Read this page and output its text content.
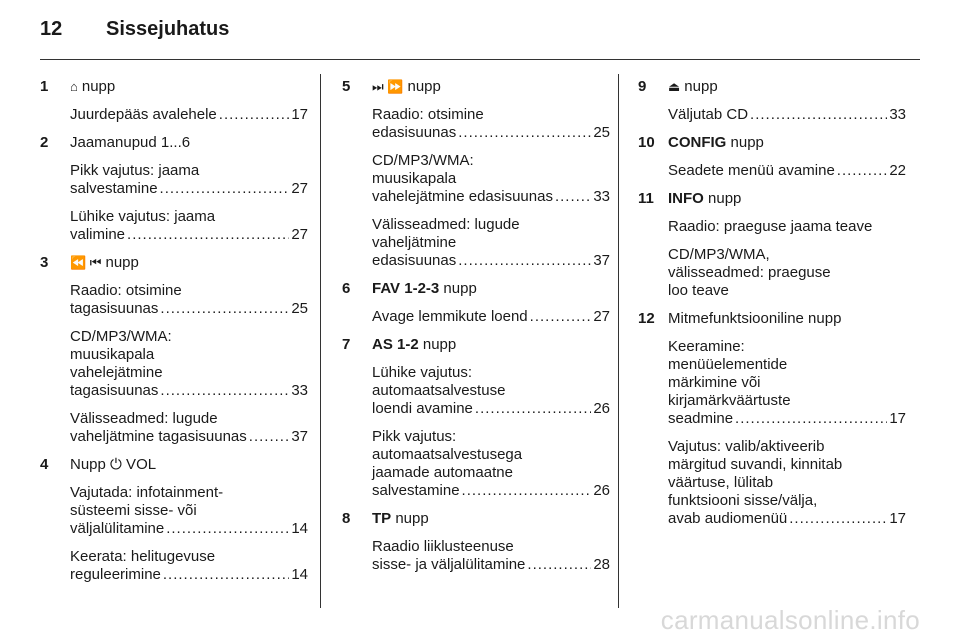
12 Sissejuhatus
1 ⌂ nupp
Juurdepääs avalehele .....	17
2 Jaamanupud 1...6
Pikk vajutus: jaama
salvestamine .....	27
Lühike vajutus: jaama
valimine .....	27
3 ⏪ ⏮ nupp
Raadio: otsimine
tagasisuunas .....	25
CD/MP3/WMA:
muusikapala
vahelejätmine
tagasisuunas .....	33
Välisseadmed: lugude
vaheljätmine tagasisuunas .....	37
4 Nupp ⏻ VOL
Vajutada: infotainment-
süsteemi sisse- või
väljalülitamine .....	14
Keerata: helitugevuse
reguleerimine .....	14
5 ⏭ ⏩ nupp
Raadio: otsimine
edasisuunas .....	25
CD/MP3/WMA:
muusikapala
vahelejätmine edasisuunas .....	33
Välisseadmed: lugude
vaheljätmine
edasisuunas .....	37
6 FAV 1-2-3 nupp
Avage lemmikute loend .....	27
7 AS 1-2 nupp
Lühike vajutus:
automaatsalvestuse
loendi avamine .....	26
Pikk vajutus:
automaatsalvestusega
jaamade automaatne
salvestamine .....	26
8 TP nupp
Raadio liiklusteenuse
sisse- ja väljalülitamine .....	28
9 ⏏ nupp
Väljutab CD .....	33
10 CONFIG nupp
Seadete menüü avamine .....	22
11 INFO nupp
Raadio: praeguse jaama teave
CD/MP3/WMA,
välisseadmed: praeguse
loo teave
12 Mitmefunktsiooniline nupp
Keeramine:
menüüelementide
märkimine või
kirjamärkväärtuste
seadmine .....	17
Vajutus: valib/aktiveerib
märgitud suvandi, kinnitab
väärtuse, lülitab
funktsiooni sisse/välja,
avab audiomenüü .....	17
carmanualsonline.info
